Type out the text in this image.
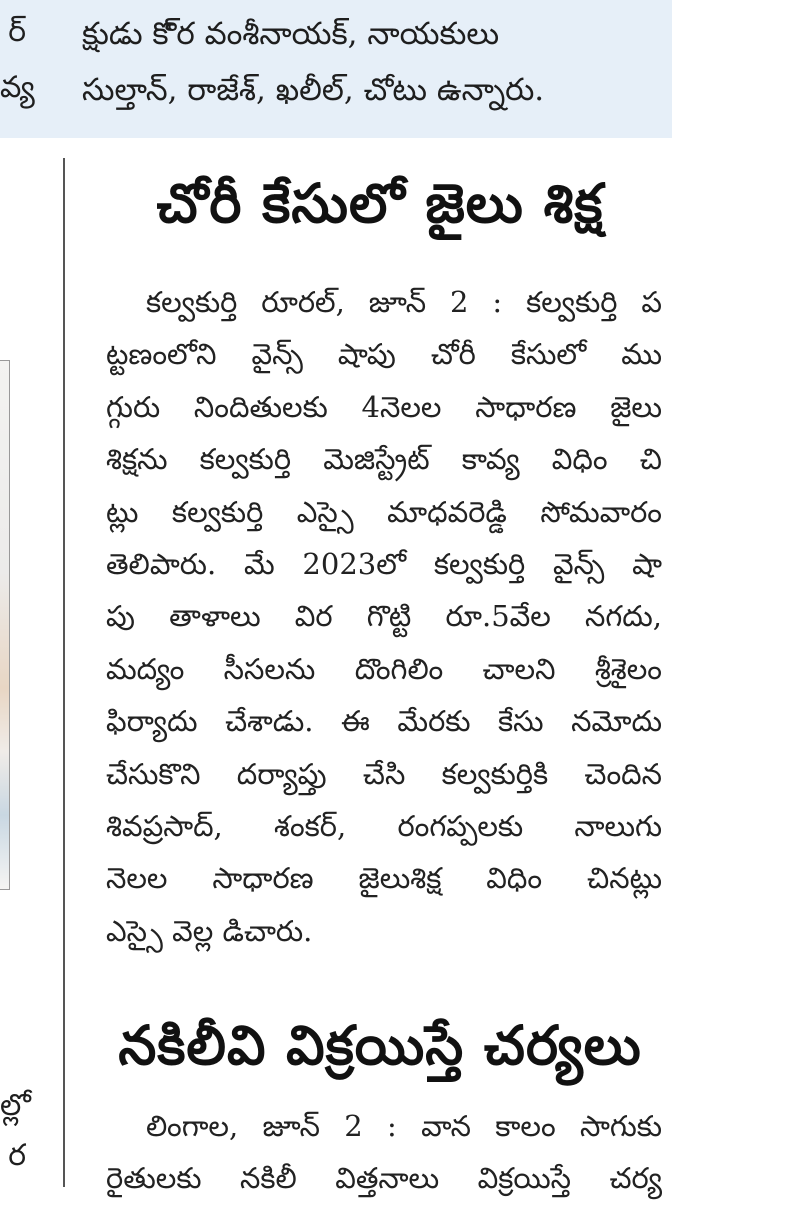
ర్
వ్య
క్షుడు కొ్ర వంశీనాయక్, నాయకులు
సుల్తాన్, రాజేశ్, ఖలీల్, చోటు ఉన్నారు.
ల్లో
ర
చోరీ కేసులో జైలు శిక్ష
కల్వకుర్తి రూరల్, జూన్ 2 : కల్వకుర్తి ప
ట్టణంలోని వైన్స్ షాపు చోరీ కేసులో ము
గ్గురు నిందితులకు 4నెలల సాధారణ జైలు
శిక్షను కల్వకుర్తి మెజిస్ట్రేట్ కావ్య విధిం చి
ట్లు కల్వకుర్తి ఎస్సై మాధవరెడ్డి సోమవారం
తెలిపారు. మే 2023లో కల్వకుర్తి వైన్స్ షా
పు తాళాలు విర గొట్టి రూ.5వేల నగదు,
మద్యం సీసలను దొంగిలిం చాలని శ్రీశైలం
ఫిర్యాదు చేశాడు. ఈ మేరకు కేసు నమోదు
చేసుకొని దర్యాప్తు చేసి కల్వకుర్తికి చెందిన
శివప్రసాద్, శంకర్, రంగప్పలకు నాలుగు
నెలల సాధారణ జైలుశిక్ష విధిం చినట్లు
ఎస్సై వెల్ల డిచారు.
నకిలీవి విక్రయిస్తే చర్యలు
లింగాల, జూన్ 2 : వాన కాలం సాగుకు
రైతులకు నకిలీ విత్తనాలు విక్రయిస్తే చర్య
